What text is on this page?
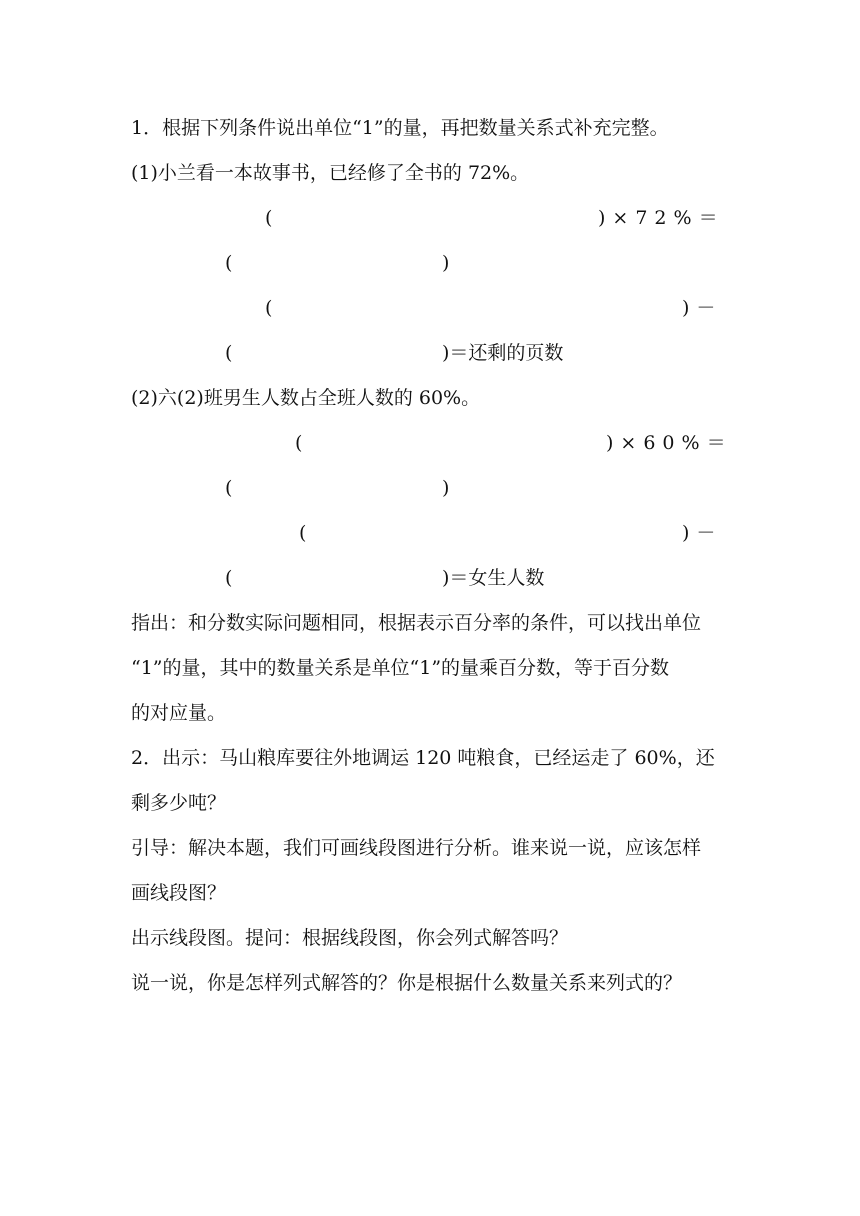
1．根据下列条件说出单位“1”的量，再把数量关系式补充完整。
(1)小兰看一本故事书，已经修了全书的 72%。
(	)×72%＝
(	)
(	)－
(	)＝还剩的页数
(2)六(2)班男生人数占全班人数的 60%。
(	)×60%＝
(	)
(	)－
(	)＝女生人数
指出：和分数实际问题相同，根据表示百分率的条件，可以找出单位
“1”的量，其中的数量关系是单位“1”的量乘百分数，等于百分数
的对应量。
2．出示：马山粮库要往外地调运 120 吨粮食，已经运走了 60%，还
剩多少吨？
引导：解决本题，我们可画线段图进行分析。谁来说一说，应该怎样
画线段图？
出示线段图。提问：根据线段图，你会列式解答吗？
说一说，你是怎样列式解答的？你是根据什么数量关系来列式的？
